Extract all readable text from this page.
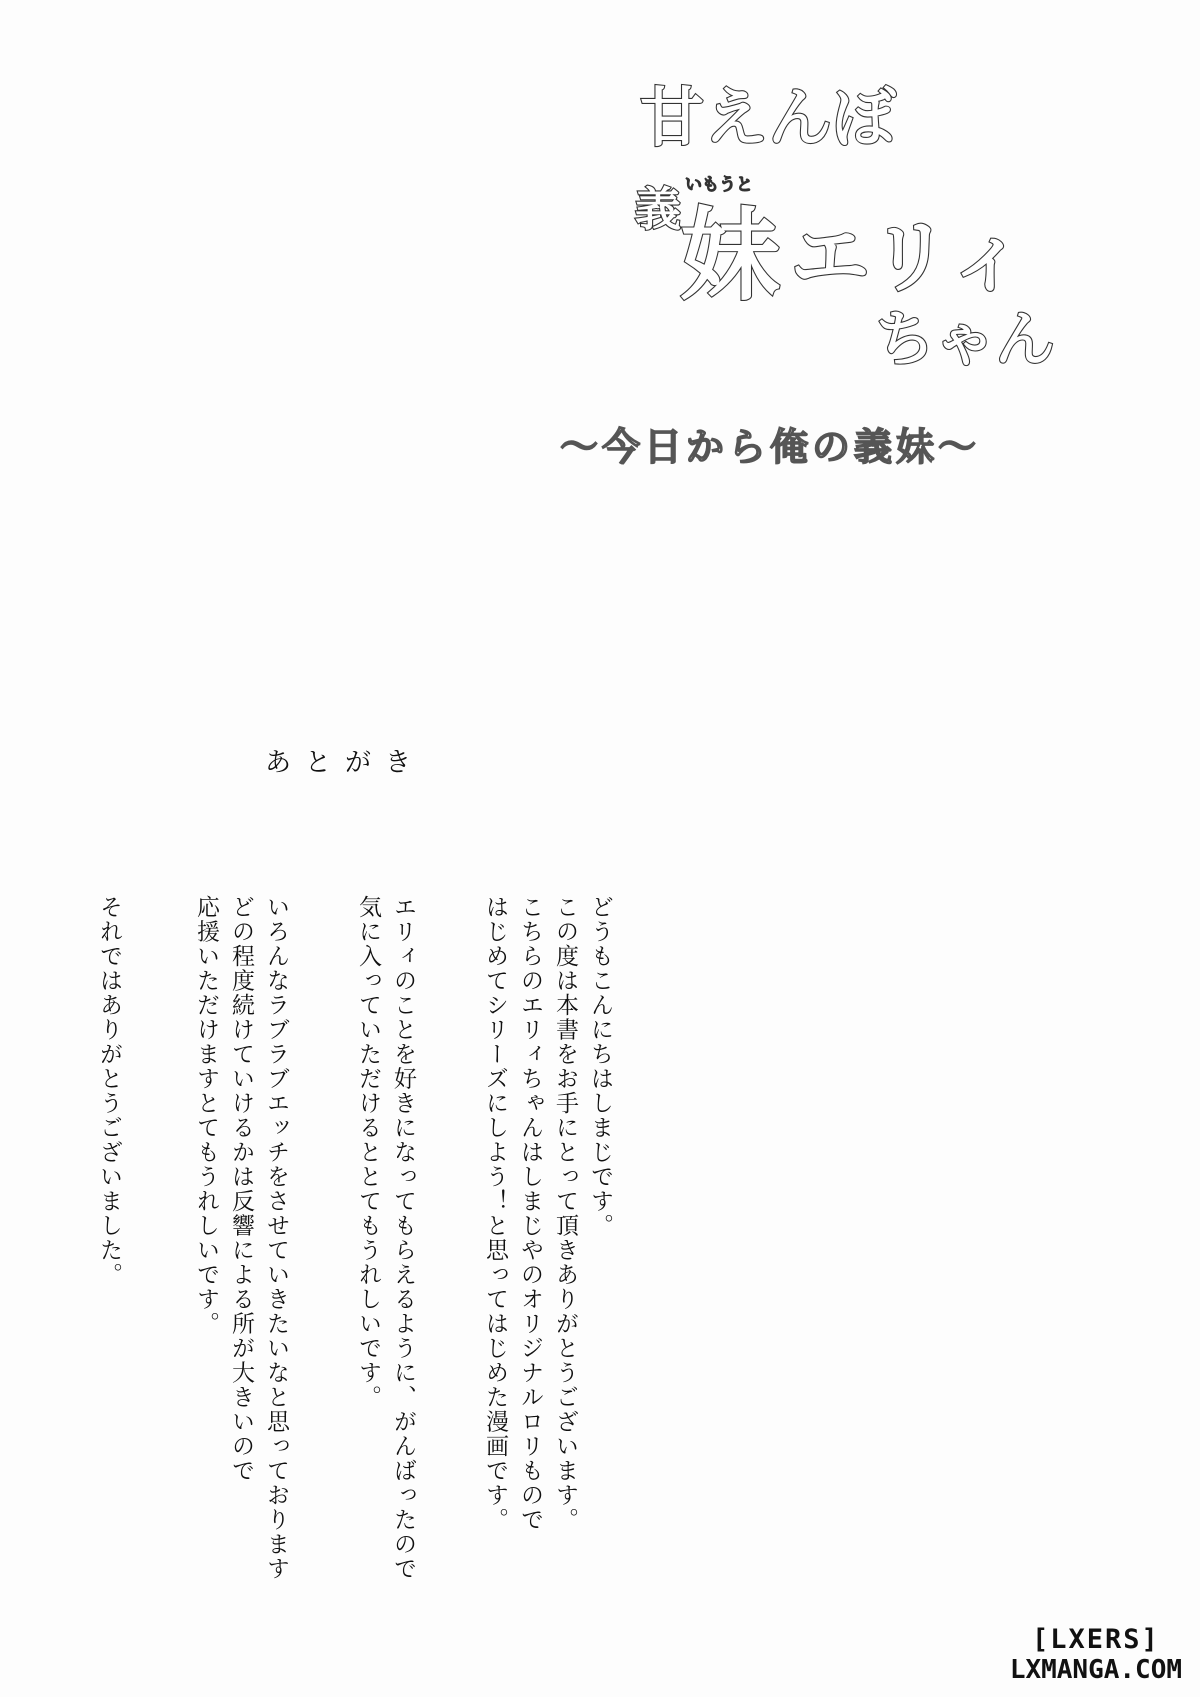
甘えんぼ
義 いもうと
妹 エリィ
ちゃん
〜今日から俺の義妹〜
あとがき
どうもこんにちはしまじです。
この度は本書をお手にとって頂きありがとうございます。
こちらのエリィちゃんはしまじやのオリジナルロリもので
はじめてシリーズにしよう！と思ってはじめた漫画です。
エリィのことを好きになってもらえるように、がんばったので
気に入っていただけるととてもうれしいです。
いろんなラブラブエッチをさせていきたいなと思っております
どの程度続けていけるかは反響による所が大きいので
応援いただけますとてもうれしいです。
それではありがとうございました。
[LXERS]
LXMANGA.COM
